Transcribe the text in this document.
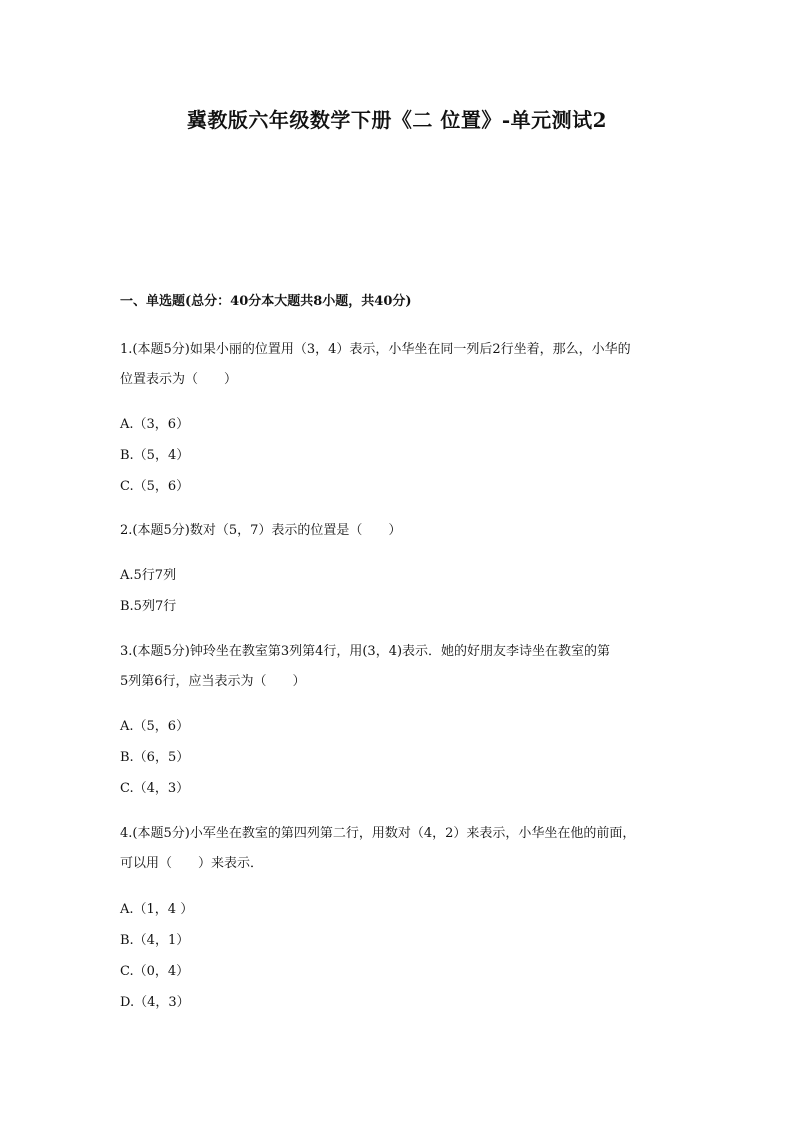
冀教版六年级数学下册《二 位置》-单元测试2
一、单选题(总分：40分本大题共8小题，共40分)
1.(本题5分)如果小丽的位置用（3，4）表示，小华坐在同一列后2行坐着，那么，小华的
位置表示为（　　）
A.（3，6）
B.（5，4）
C.（5，6）
2.(本题5分)数对（5，7）表示的位置是（　　）
A.5行7列
B.5列7行
3.(本题5分)钟玲坐在教室第3列第4行，用(3，4)表示．她的好朋友李诗坐在教室的第
5列第6行，应当表示为（　　）
A.（5，6）
B.（6，5）
C.（4，3）
4.(本题5分)小军坐在教室的第四列第二行，用数对（4，2）来表示，小华坐在他的前面，
可以用（　　）来表示．
A.（1，4 ）
B.（4，1）
C.（0，4）
D.（4，3）
